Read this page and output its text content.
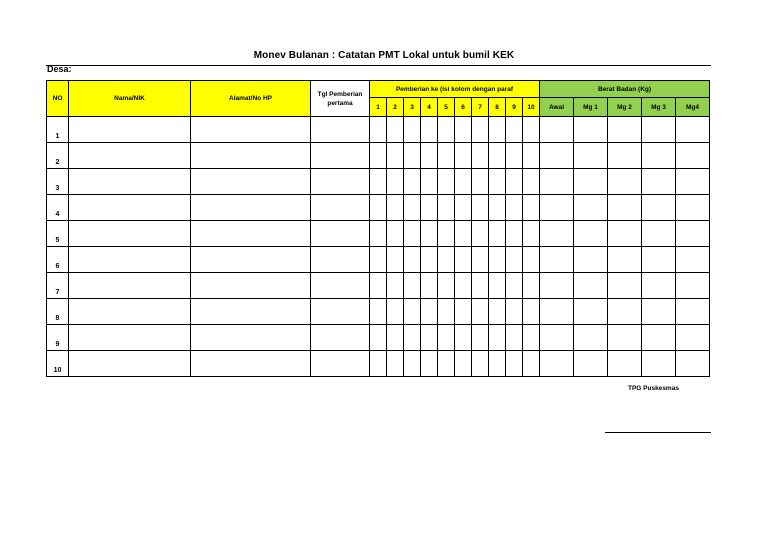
Monev Bulanan : Catatan PMT Lokal untuk bumil KEK
Desa:
NO	Nama/NIK	Alamat/No HP	Tgl Pemberian pertama	Pemberian ke (isi kolom dengan paraf										Berat Badan (Kg)				
				1	2	3	4	5	6	7	8	9	10	Awal	Mg 1	Mg 2	Mg 3	Mg4
1																		
2																		
3																		
4																		
5																		
6																		
7																		
8																		
9																		
10																		
TPG Puskesmas
